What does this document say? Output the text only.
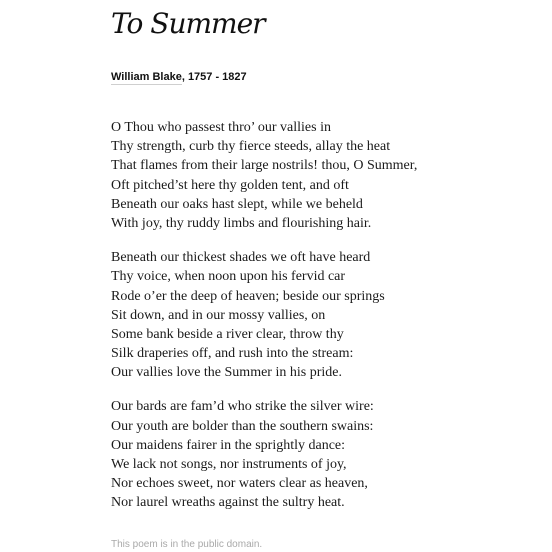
To Summer
William Blake, 1757 - 1827
O Thou who passest thro’ our vallies in
Thy strength, curb thy fierce steeds, allay the heat
That flames from their large nostrils! thou, O Summer,
Oft pitched’st here thy golden tent, and oft
Beneath our oaks hast slept, while we beheld
With joy, thy ruddy limbs and flourishing hair.
Beneath our thickest shades we oft have heard
Thy voice, when noon upon his fervid car
Rode o’er the deep of heaven; beside our springs
Sit down, and in our mossy vallies, on
Some bank beside a river clear, throw thy
Silk draperies off, and rush into the stream:
Our vallies love the Summer in his pride.
Our bards are fam’d who strike the silver wire:
Our youth are bolder than the southern swains:
Our maidens fairer in the sprightly dance:
We lack not songs, nor instruments of joy,
Nor echoes sweet, nor waters clear as heaven,
Nor laurel wreaths against the sultry heat.
This poem is in the public domain.
